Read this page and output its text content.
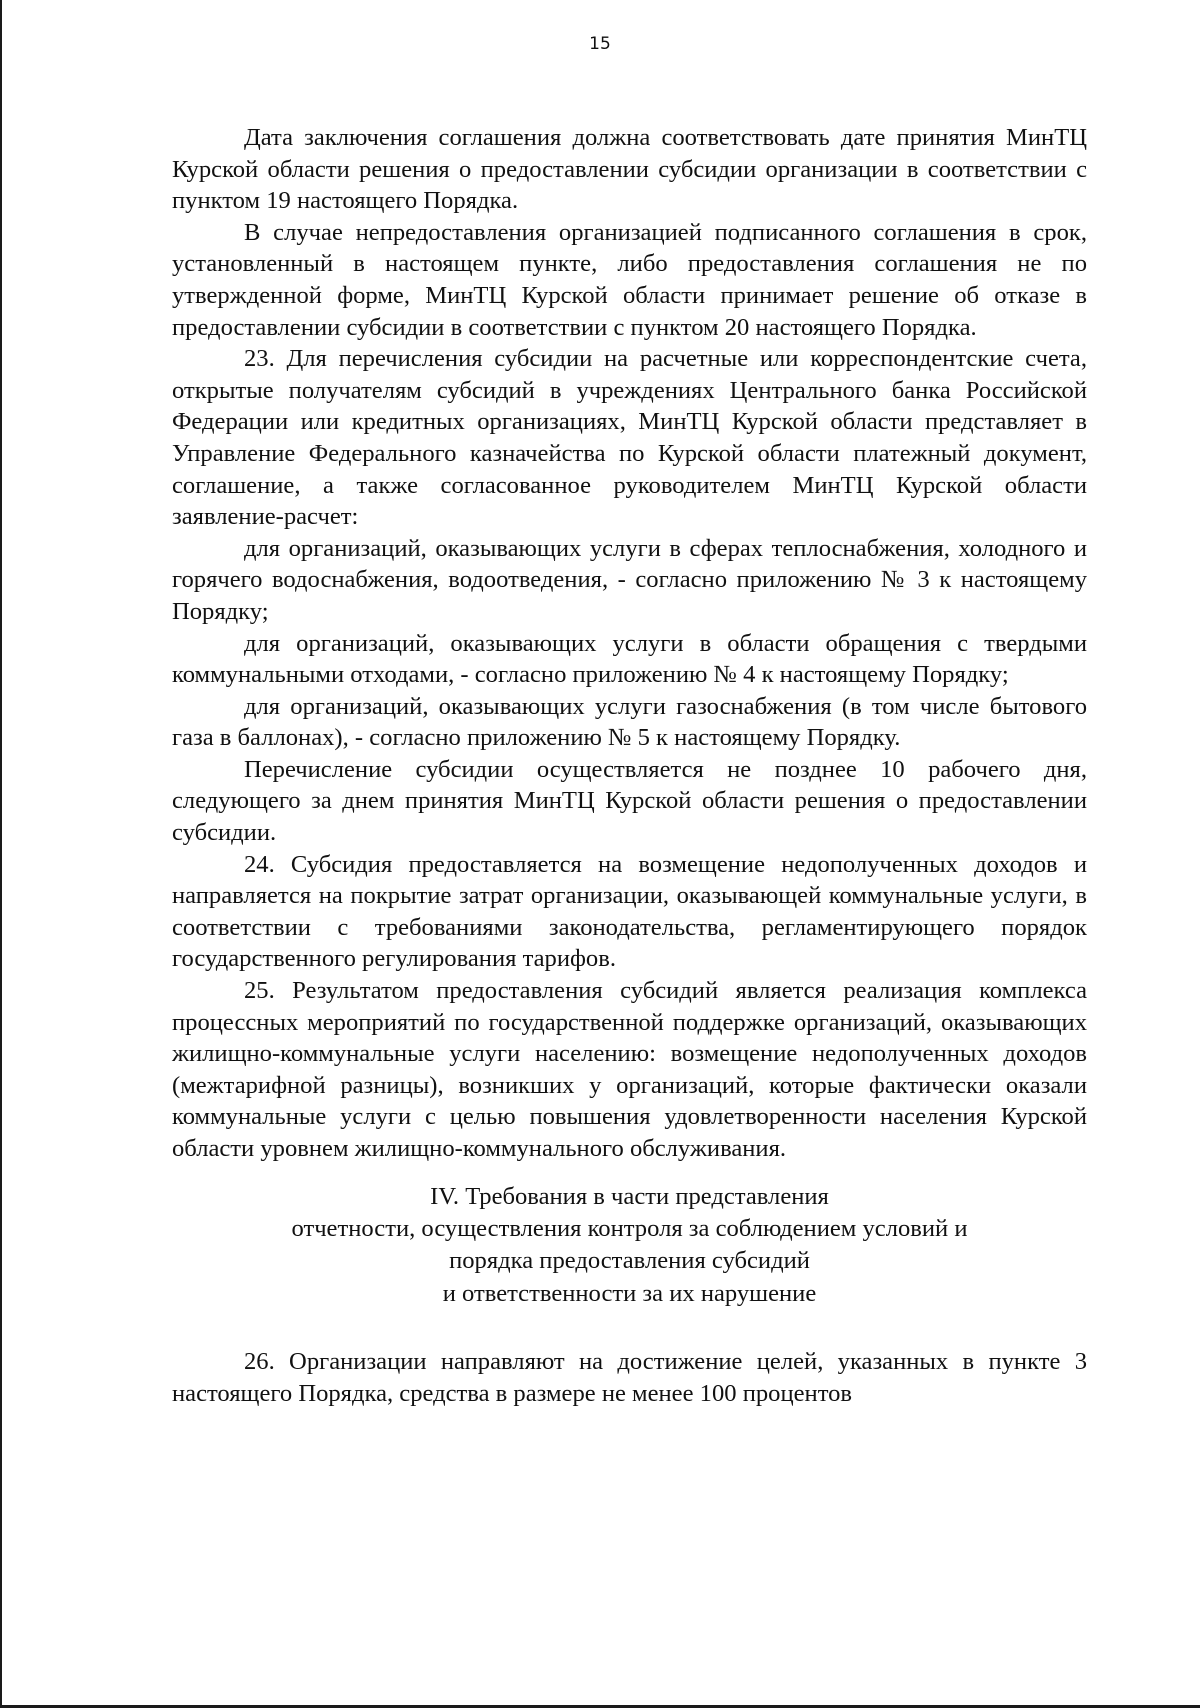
15

Дата заключения соглашения должна соответствовать дате принятия МинТЦ Курской области решения о предоставлении субсидии организации в соответствии с пунктом 19 настоящего Порядка.

В случае непредоставления организацией подписанного соглашения в срок, установленный в настоящем пункте, либо предоставления соглашения не по утвержденной форме, МинТЦ Курской области принимает решение об отказе в предоставлении субсидии в соответствии с пунктом 20 настоящего Порядка.

23. Для перечисления субсидии на расчетные или корреспондентские счета, открытые получателям субсидий в учреждениях Центрального банка Российской Федерации или кредитных организациях, МинТЦ Курской области представляет в Управление Федерального казначейства по Курской области платежный документ, соглашение, а также согласованное руководителем МинТЦ Курской области заявление-расчет:

для организаций, оказывающих услуги в сферах теплоснабжения, холодного и горячего водоснабжения, водоотведения, - согласно приложению № 3 к настоящему Порядку;

для организаций, оказывающих услуги в области обращения с твердыми коммунальными отходами, - согласно приложению № 4 к настоящему Порядку;

для организаций, оказывающих услуги газоснабжения (в том числе бытового газа в баллонах), - согласно приложению № 5 к настоящему Порядку.

Перечисление субсидии осуществляется не позднее 10 рабочего дня, следующего за днем принятия МинТЦ Курской области решения о предоставлении субсидии.

24. Субсидия предоставляется на возмещение недополученных доходов и направляется на покрытие затрат организации, оказывающей коммунальные услуги, в соответствии с требованиями законодательства, регламентирующего порядок государственного регулирования тарифов.

25. Результатом предоставления субсидий является реализация комплекса процессных мероприятий по государственной поддержке организаций, оказывающих жилищно-коммунальные услуги населению: возмещение недополученных доходов (межтарифной разницы), возникших у организаций, которые фактически оказали коммунальные услуги с целью повышения удовлетворенности населения Курской области уровнем жилищно-коммунального обслуживания.

IV. Требования в части представления
отчетности, осуществления контроля за соблюдением условий и
порядка предоставления субсидий
и ответственности за их нарушение

26. Организации направляют на достижение целей, указанных в пункте 3 настоящего Порядка, средства в размере не менее 100 процентов
